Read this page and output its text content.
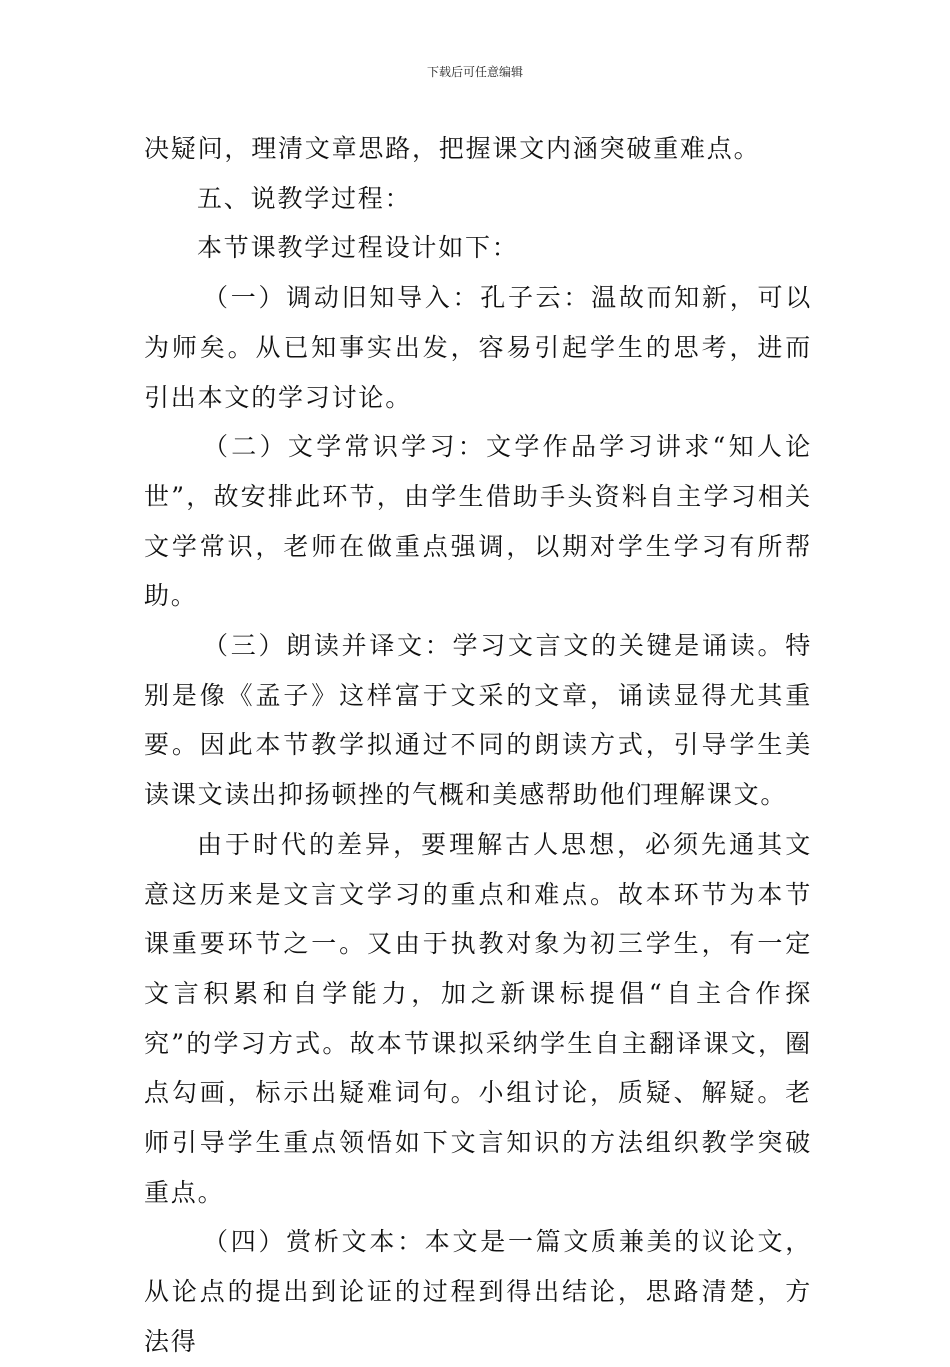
下载后可任意编辑

决疑问，理清文章思路，把握课文内涵突破重难点。

五、说教学过程：

本节课教学过程设计如下：

（一）调动旧知导入：孔子云：温故而知新，可以为师矣。从已知事实出发，容易引起学生的思考，进而引出本文的学习讨论。

（二）文学常识学习：文学作品学习讲求“知人论世”，故安排此环节，由学生借助手头资料自主学习相关文学常识，老师在做重点强调，以期对学生学习有所帮助。

（三）朗读并译文：学习文言文的关键是诵读。特别是像《孟子》这样富于文采的文章，诵读显得尤其重要。因此本节教学拟通过不同的朗读方式，引导学生美读课文读出抑扬顿挫的气概和美感帮助他们理解课文。

由于时代的差异，要理解古人思想，必须先通其文意这历来是文言文学习的重点和难点。故本环节为本节课重要环节之一。又由于执教对象为初三学生，有一定文言积累和自学能力，加之新课标提倡“自主合作探究”的学习方式。故本节课拟采纳学生自主翻译课文，圈点勾画，标示出疑难词句。小组讨论，质疑、解疑。老师引导学生重点领悟如下文言知识的方法组织教学突破重点。

（四）赏析文本：本文是一篇文质兼美的议论文，从论点的提出到论证的过程到得出结论，思路清楚，方法得
